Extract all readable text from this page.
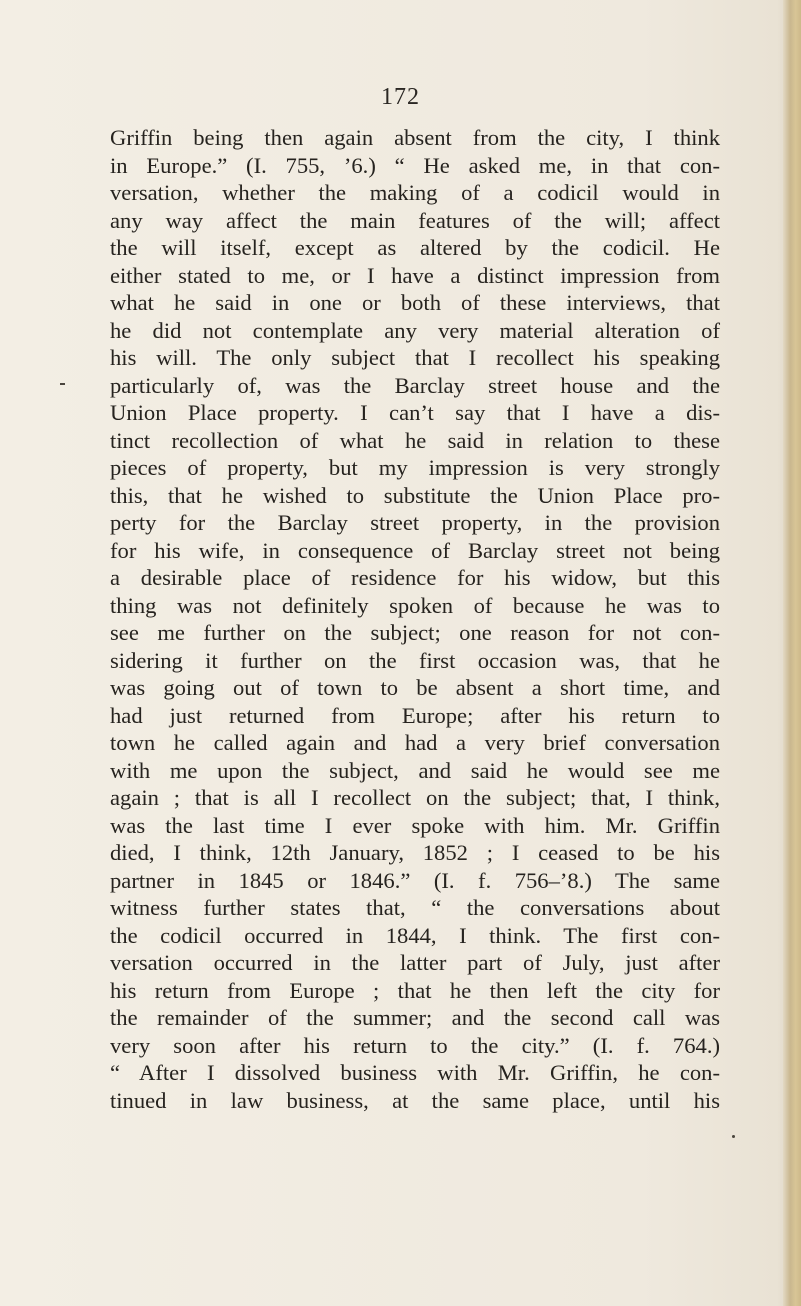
172
Griffin being then again absent from the city, I think
in Europe.” (I. 755, ’6.) “ He asked me, in that con-
versation, whether the making of a codicil would in
any way affect the main features of the will; affect
the will itself, except as altered by the codicil. He
either stated to me, or I have a distinct impression from
what he said in one or both of these interviews, that
he did not contemplate any very material alteration of
his will. The only subject that I recollect his speaking
particularly of, was the Barclay street house and the
Union Place property. I can’t say that I have a dis-
tinct recollection of what he said in relation to these
pieces of property, but my impression is very strongly
this, that he wished to substitute the Union Place pro-
perty for the Barclay street property, in the provision
for his wife, in consequence of Barclay street not being
a desirable place of residence for his widow, but this
thing was not definitely spoken of because he was to
see me further on the subject; one reason for not con-
sidering it further on the first occasion was, that he
was going out of town to be absent a short time, and
had just returned from Europe; after his return to
town he called again and had a very brief conversation
with me upon the subject, and said he would see me
again ; that is all I recollect on the subject; that, I think,
was the last time I ever spoke with him. Mr. Griffin
died, I think, 12th January, 1852 ; I ceased to be his
partner in 1845 or 1846.” (I. f. 756–’8.) The same
witness further states that, “ the conversations about
the codicil occurred in 1844, I think. The first con-
versation occurred in the latter part of July, just after
his return from Europe ; that he then left the city for
the remainder of the summer; and the second call was
very soon after his return to the city.” (I. f. 764.)
“ After I dissolved business with Mr. Griffin, he con-
tinued in law business, at the same place, until his
